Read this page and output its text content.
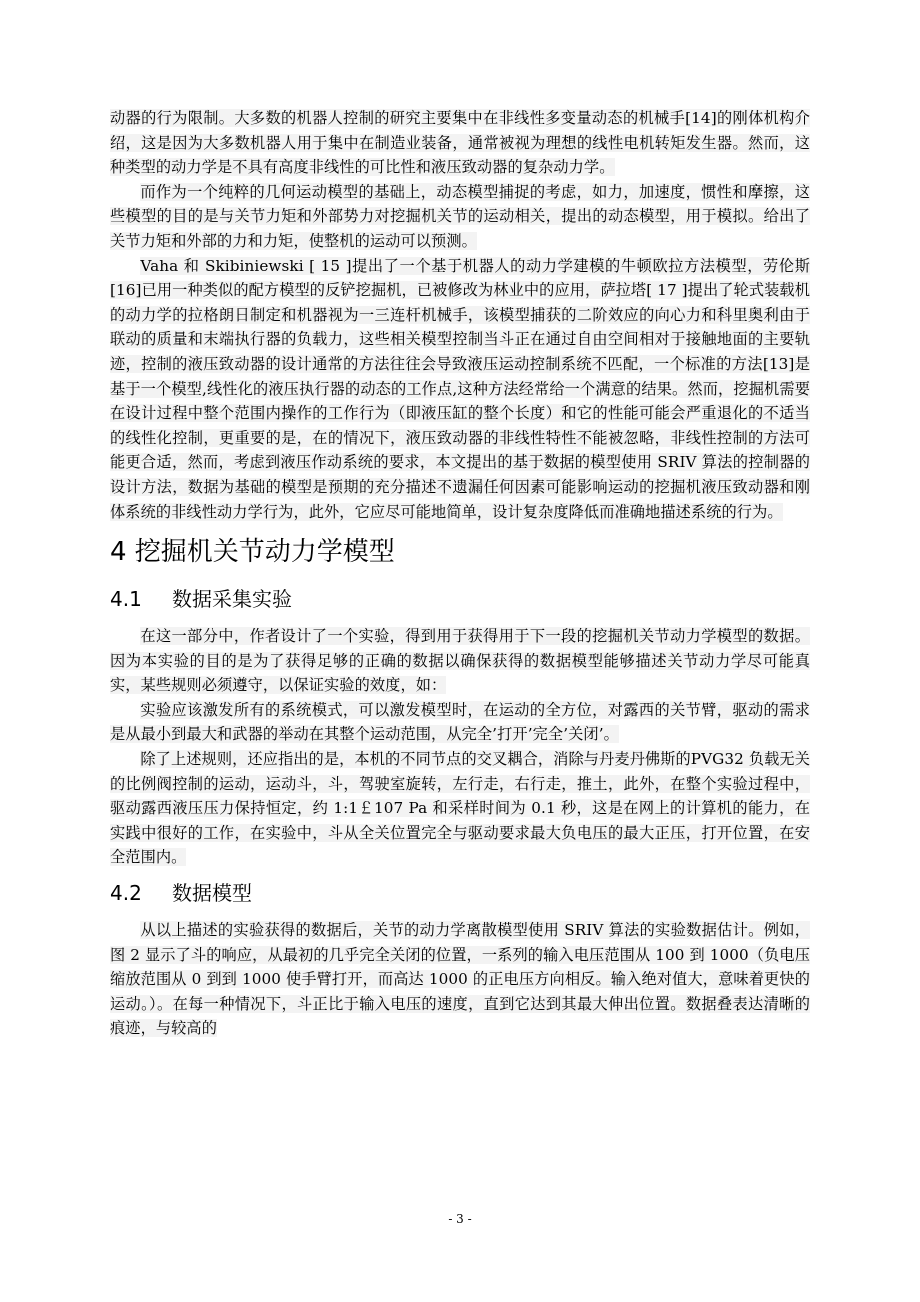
动器的行为限制。大多数的机器人控制的研究主要集中在非线性多变量动态的机械手[14]的刚体机构介绍，这是因为大多数机器人用于集中在制造业装备，通常被视为理想的线性电机转矩发生器。然而，这种类型的动力学是不具有高度非线性的可比性和液压致动器的复杂动力学。

而作为一个纯粹的几何运动模型的基础上，动态模型捕捉的考虑，如力，加速度，惯性和摩擦，这些模型的目的是与关节力矩和外部势力对挖掘机关节的运动相关，提出的动态模型，用于模拟。给出了关节力矩和外部的力和力矩，使整机的运动可以预测。

Vaha 和 Skibiniewski [ 15 ]提出了一个基于机器人的动力学建模的牛顿欧拉方法模型，劳伦斯[16]已用一种类似的配方模型的反铲挖掘机，已被修改为林业中的应用，萨拉塔[ 17 ]提出了轮式装载机的动力学的拉格朗日制定和机器视为一三连杆机械手，该模型捕获的二阶效应的向心力和科里奥利由于联动的质量和末端执行器的负载力，这些相关模型控制当斗正在通过自由空间相对于接触地面的主要轨迹，控制的液压致动器的设计通常的方法往往会导致液压运动控制系统不匹配，一个标准的方法[13]是基于一个模型,线性化的液压执行器的动态的工作点,这种方法经常给一个满意的结果。然而，挖掘机需要在设计过程中整个范围内操作的工作行为（即液压缸的整个长度）和它的性能可能会严重退化的不适当的线性化控制，更重要的是，在的情况下，液压致动器的非线性特性不能被忽略，非线性控制的方法可能更合适，然而，考虑到液压作动系统的要求，本文提出的基于数据的模型使用 SRIV 算法的控制器的设计方法，数据为基础的模型是预期的充分描述不遗漏任何因素可能影响运动的挖掘机液压致动器和刚体系统的非线性动力学行为，此外，它应尽可能地简单，设计复杂度降低而准确地描述系统的行为。

4 挖掘机关节动力学模型
4.1 数据采集实验

在这一部分中，作者设计了一个实验，得到用于获得用于下一段的挖掘机关节动力学模型的数据。因为本实验的目的是为了获得足够的正确的数据以确保获得的数据模型能够描述关节动力学尽可能真实，某些规则必须遵守，以保证实验的效度，如：

实验应该激发所有的系统模式，可以激发模型时，在运动的全方位，对露西的关节臂，驱动的需求是从最小到最大和武器的举动在其整个运动范围，从完全’打开’完全’关闭’。

除了上述规则，还应指出的是，本机的不同节点的交叉耦合，消除与丹麦丹佛斯的PVG32 负载无关的比例阀控制的运动，运动斗，斗，驾驶室旋转，左行走，右行走，推土，此外，在整个实验过程中，驱动露西液压压力保持恒定，约 1:1￡107 Pa 和采样时间为 0.1 秒，这是在网上的计算机的能力，在实践中很好的工作，在实验中，斗从全关位置完全与驱动要求最大负电压的最大正压，打开位置，在安全范围内。

4.2 数据模型

从以上描述的实验获得的数据后，关节的动力学离散模型使用 SRIV 算法的实验数据估计。例如，图 2 显示了斗的响应，从最初的几乎完全关闭的位置，一系列的输入电压范围从 100 到 1000（负电压缩放范围从 0 到到 1000 使手臂打开，而高达 1000 的正电压方向相反。输入绝对值大，意味着更快的运动。）。在每一种情况下，斗正比于输入电压的速度，直到它达到其最大伸出位置。数据叠表达清晰的痕迹，与较高的

- 3 -
